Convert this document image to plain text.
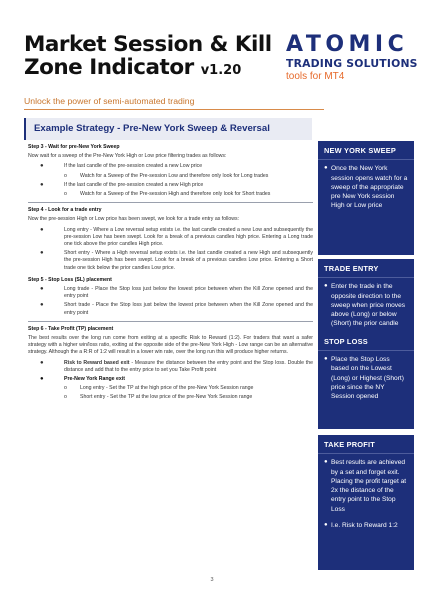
Market Session & Kill
Zone Indicator v1.20
ATOMIC
TRADING SOLUTIONS
tools for MT4
Unlock the power of semi-automated trading
Example Strategy - Pre-New York Sweep & Reversal
Step 3 - Wait for pre-New York Sweep
Now wait for a sweep of the Pre-New York High or Low price filtering trades as follows:
●	If the last candle of the pre-session created a new Low price
o	Watch for a Sweep of the Pre-session Low and therefore only look for Long trades
●	If the last candle of the pre-session created a new High price
o	Watch for a Sweep of the Pre-session High and therefore only look for Short trades
Step 4 - Look for a trade entry
Now the pre-session High or Low price has been swept, we look for a trade entry as follows:
●	Long entry - Where a Low reversal setup exists i.e. the last candle created a new Low and subsequently the pre-session Low has been swept. Look for a break of a previous candles high price. Entering a Long trade one tick above the prior candles High price.
●	Short entry - Where a High reversal setup exists i.e. the last candle created a new High and subsequently the pre-session High has been swept. Look for a break of a previous candles Low price. Entering a Short trade one tick below the prior candles Low price.
Step 5 - Stop Loss (SL) placement
●	Long trade - Place the Stop loss just below the lowest price between when the Kill Zone opened and the entry point
●	Short trade - Place the Stop loss just below the lowest price between when the Kill Zone opened and the entry point
Step 6 - Take Profit (TP) placement
The best results over the long run come from exiting at a specific Risk to Reward (1:2). For traders that want a safer strategy with a higher win/loss ratio, exiting at the opposite side of the pre-New York High - Low range can be an alternative strategy. Although the a R:R of 1:2 will result in a lower win rate, over the long run this will produce higher returns.
●	Risk to Reward based exit - Measure the distance between the entry point and the Stop loss. Double the distance and add that to the entry price to set you Take Profit point
●	Pre-New York Range exit
o	Long entry - Set the TP at the high price of the pre-New York Session range
o	Short entry - Set the TP at the low price of the pre-New York Session range
NEW YORK SWEEP
● Once the New York session opens watch for a sweep of the appropriate pre New York session High or Low price
TRADE ENTRY
● Enter the trade in the opposite direction to the sweep when price moves above (Long) or below (Short) the prior candle
STOP LOSS
● Place the Stop Loss based on the Lowest (Long) or Highest (Short) price since the NY Session opened
TAKE PROFIT
● Best results are achieved by a set and forget exit. Placing the profit target at 2x the distance of the entry point to the Stop Loss
● I.e. Risk to Reward 1:2
3
